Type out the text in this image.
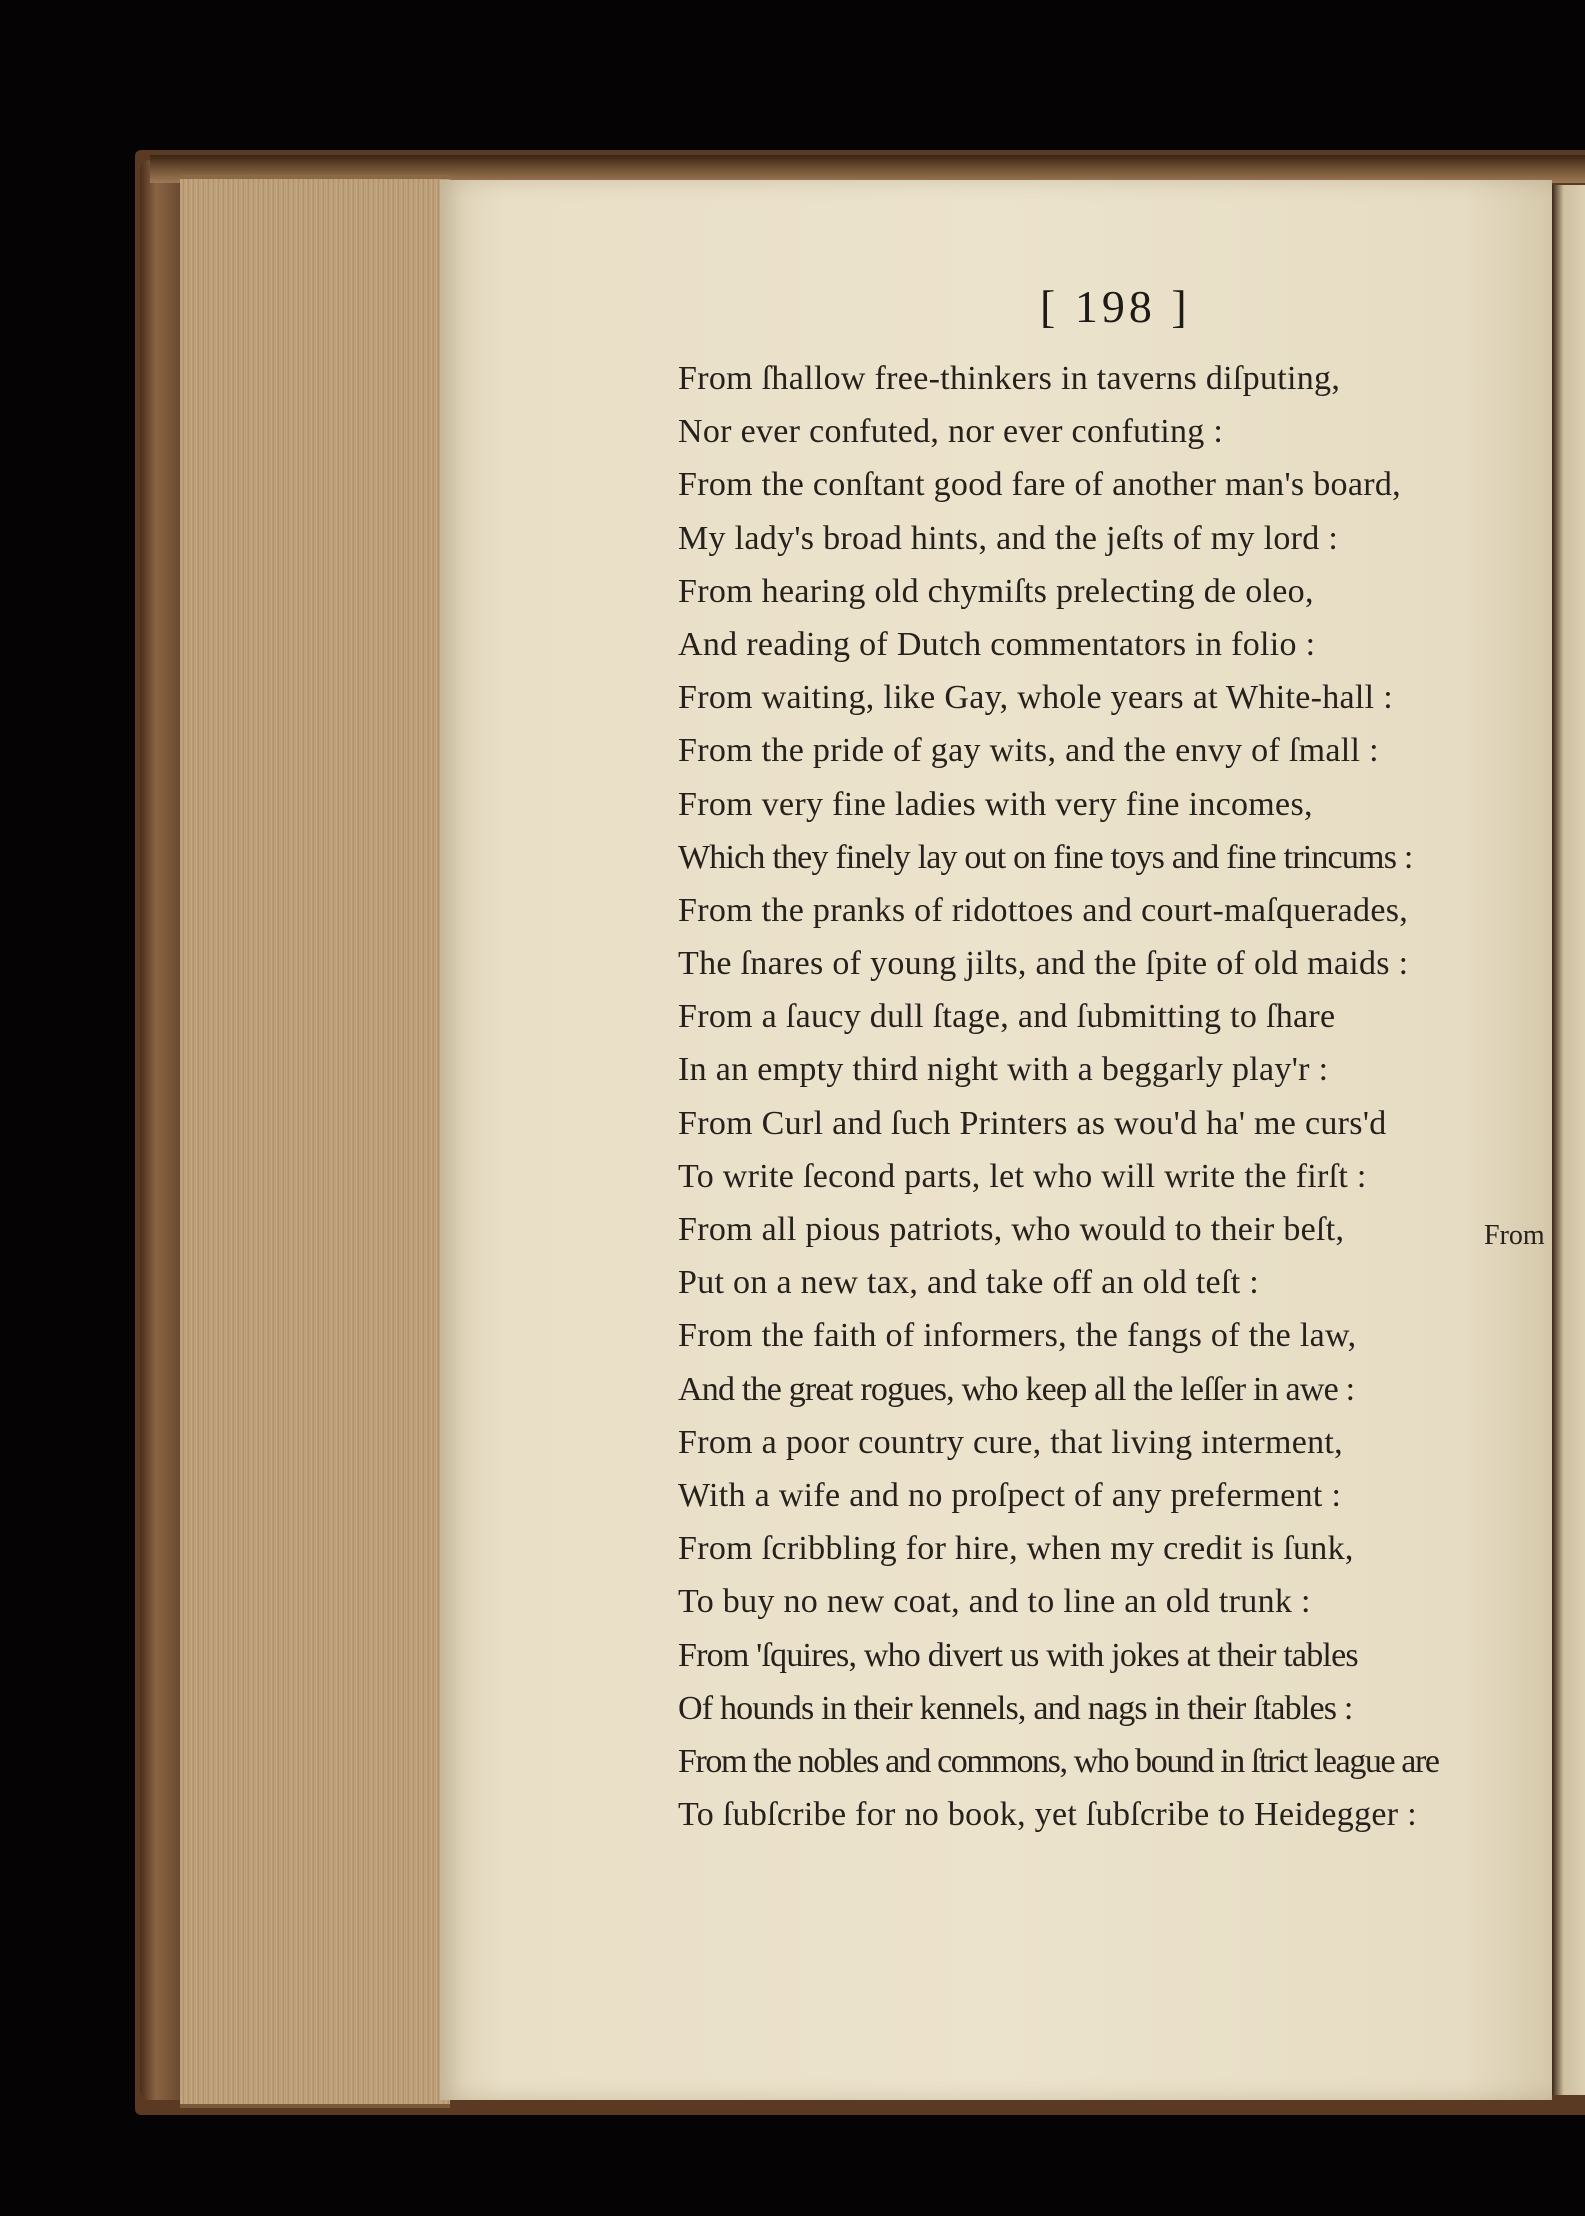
[ 198 ]
From ſhallow free-thinkers in taverns diſputing,
Nor ever confuted, nor ever confuting :
From the conſtant good fare of another man's board,
My lady's broad hints, and the jeſts of my lord :
From hearing old chymiſts prelecting de oleo,
And reading of Dutch commentators in folio :
From waiting, like Gay, whole years at White-hall :
From the pride of gay wits, and the envy of ſmall :
From very fine ladies with very fine incomes,
Which they finely lay out on fine toys and fine trincums :
From the pranks of ridottoes and court-maſquerades,
The ſnares of young jilts, and the ſpite of old maids :
From a ſaucy dull ſtage, and ſubmitting to ſhare
In an empty third night with a beggarly play'r :
From Curl and ſuch Printers as wou'd ha' me curs'd
To write ſecond parts, let who will write the firſt :
From all pious patriots, who would to their beſt,
Put on a new tax, and take off an old teſt :
From the faith of informers, the fangs of the law,
And the great rogues, who keep all the leſſer in awe :
From a poor country cure, that living interment,
With a wife and no proſpect of any preferment :
From ſcribbling for hire, when my credit is ſunk,
To buy no new coat, and to line an old trunk :
From 'ſquires, who divert us with jokes at their tables
Of hounds in their kennels, and nags in their ſtables :
From the nobles and commons, who bound in ſtrict league are
To ſubſcribe for no book, yet ſubſcribe to Heidegger :
From
